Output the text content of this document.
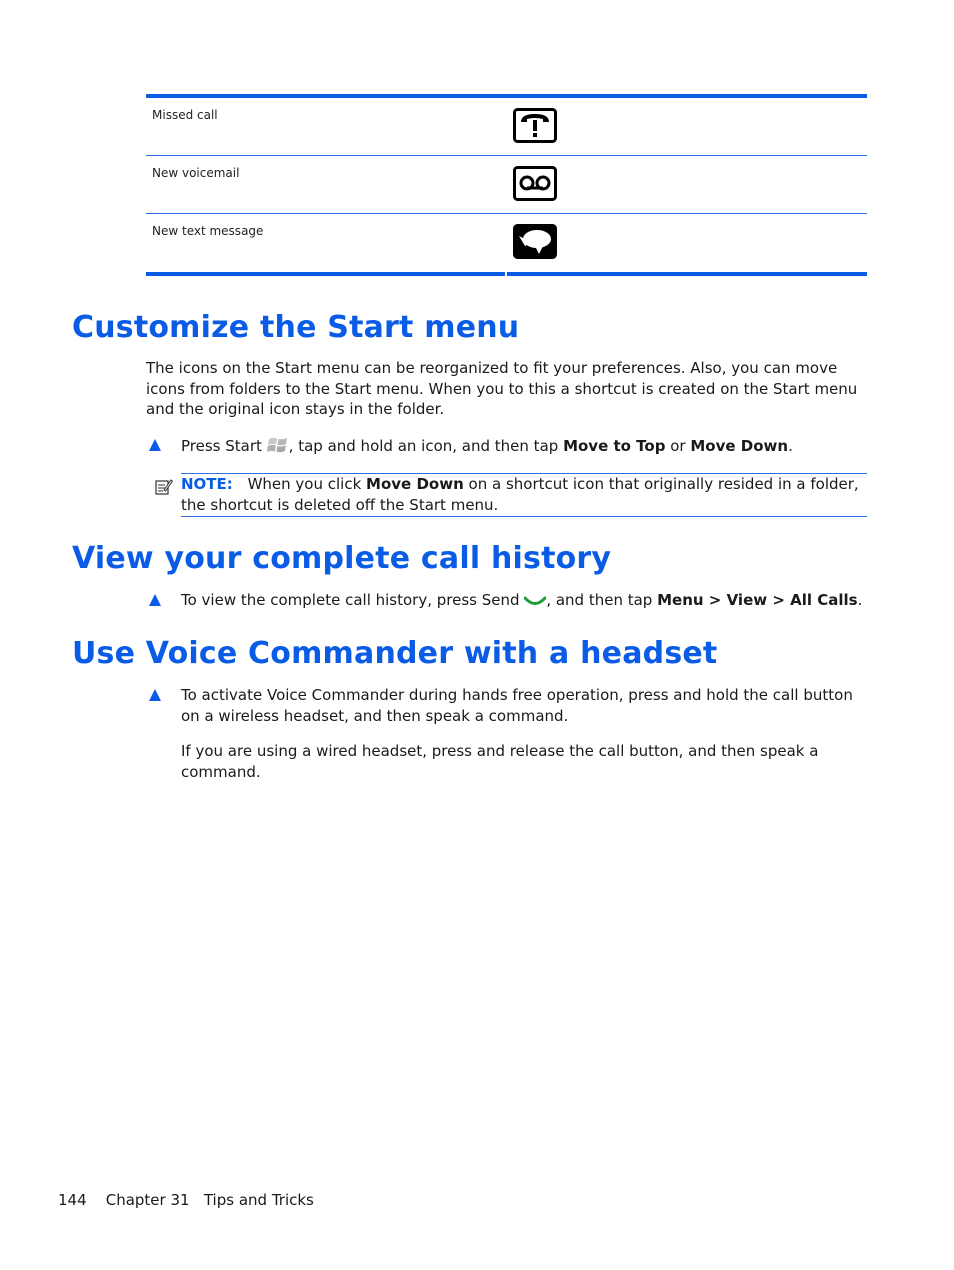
Missed call
New voicemail
New text message
Customize the Start menu

The icons on the Start menu can be reorganized to fit your preferences. Also, you can move icons from folders to the Start menu. When you to this a shortcut is created on the Start menu and the original icon stays in the folder.

Press Start , tap and hold an icon, and then tap Move to Top or Move Down.
NOTE: When you click Move Down on a shortcut icon that originally resided in a folder, the shortcut is deleted off the Start menu.
View your complete call history
To view the complete call history, press Send , and then tap Menu > View > All Calls.
Use Voice Commander with a headset
To activate Voice Commander during hands free operation, press and hold the call button on a wireless headset, and then speak a command.

If you are using a wired headset, press and release the call button, and then speak a command.

144 Chapter 31 Tips and Tricks
